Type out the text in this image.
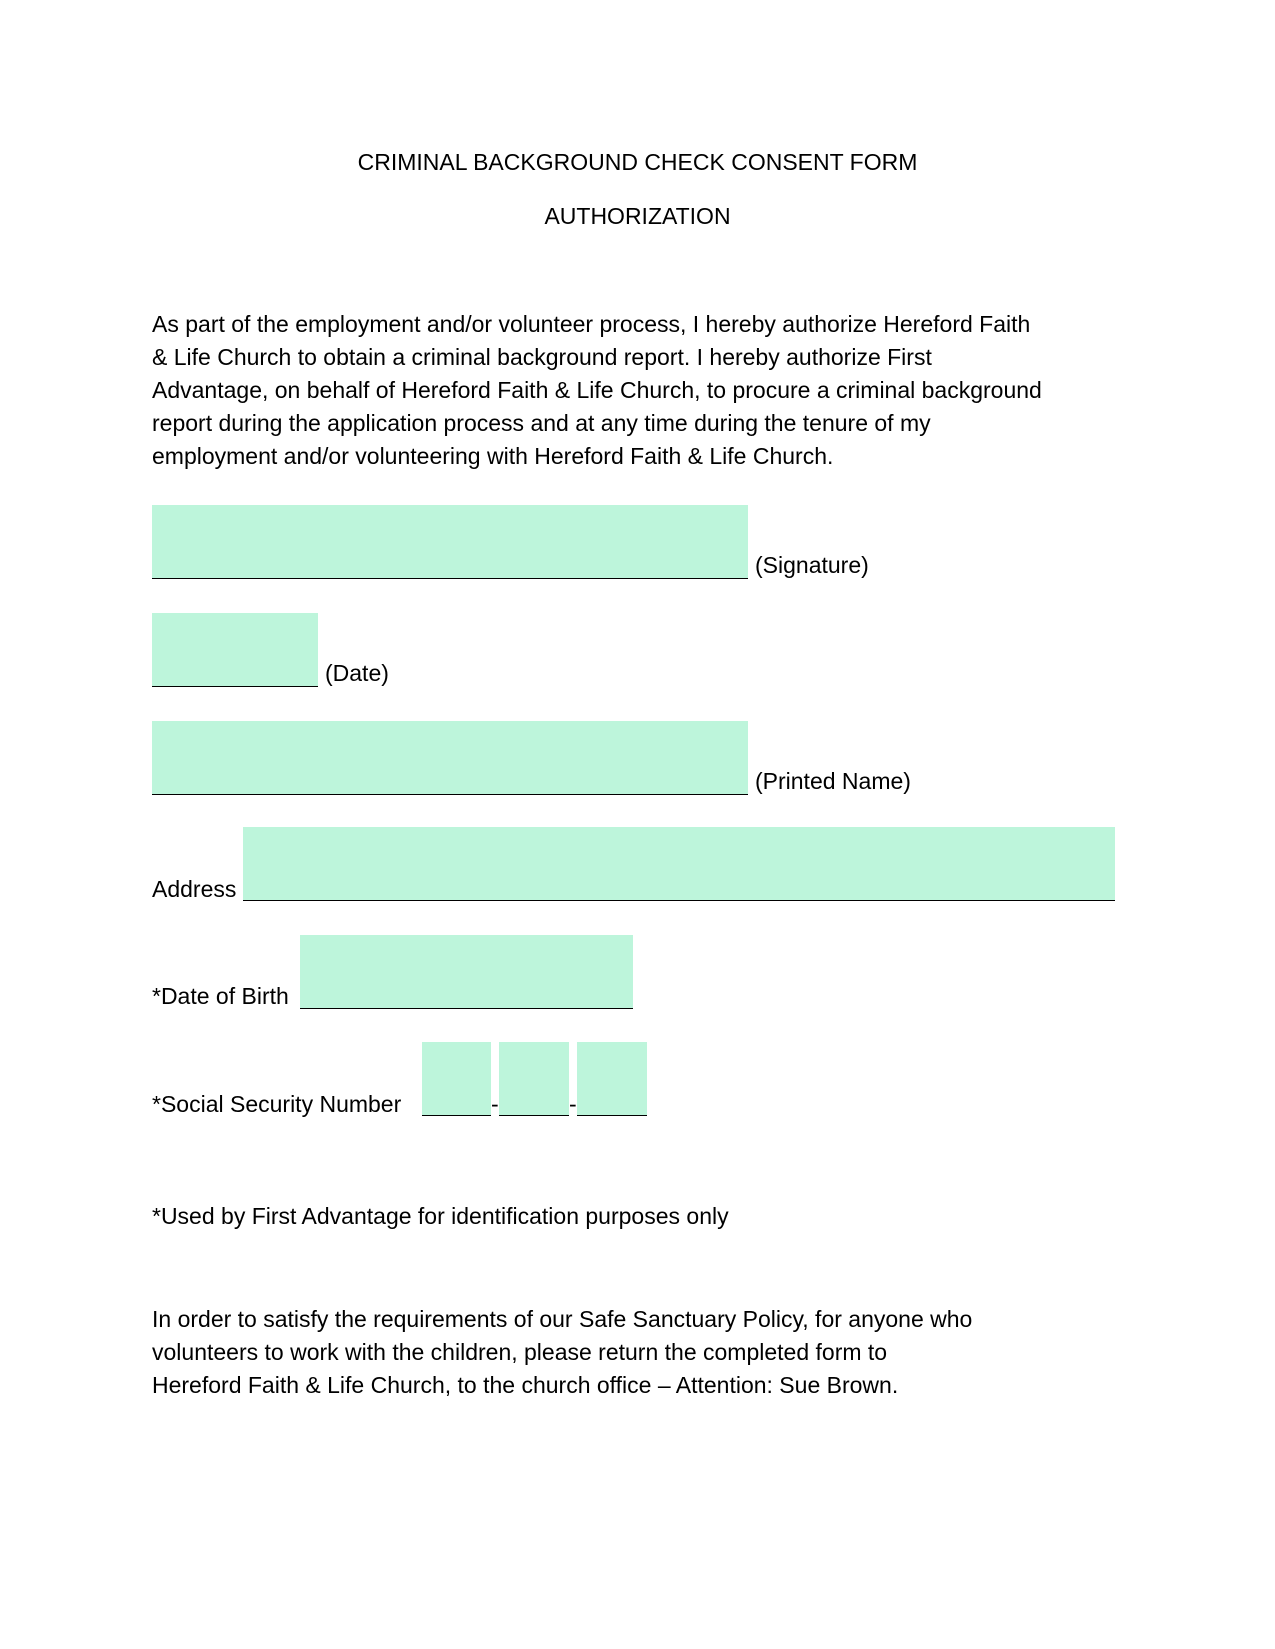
CRIMINAL BACKGROUND CHECK CONSENT FORM
AUTHORIZATION
As part of the employment and/or volunteer process, I hereby authorize Hereford Faith
& Life Church to obtain a criminal background report. I hereby authorize First
Advantage, on behalf of Hereford Faith & Life Church, to procure a criminal background
report during the application process and at any time during the tenure of my
employment and/or volunteering with Hereford Faith & Life Church.
(Signature)
(Date)
(Printed Name)
Address
*Date of Birth
*Social Security Number	-	-
*Used by First Advantage for identification purposes only
In order to satisfy the requirements of our Safe Sanctuary Policy, for anyone who
volunteers to work with the children, please return the completed form to
Hereford Faith & Life Church, to the church office – Attention: Sue Brown.
